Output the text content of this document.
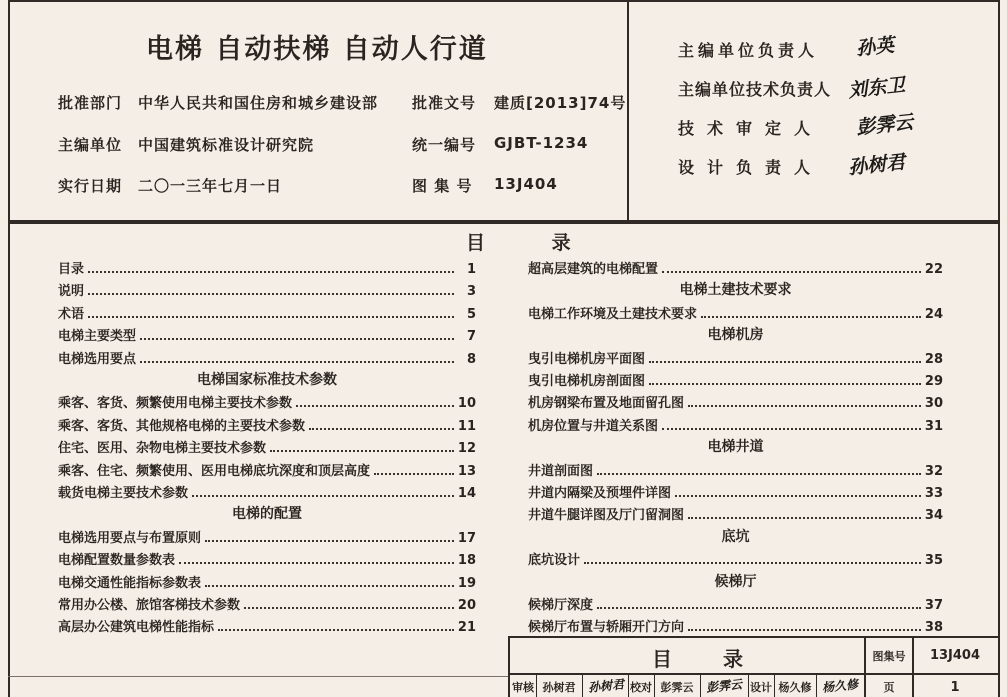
电梯 自动扶梯 自动人行道
批准部门 中华人民共和国住房和城乡建设部 批准文号 建质[2013]74号
主编单位 中国建筑标准设计研究院	统一编号 GJBT-1234
实行日期 二〇一三年七月一日	图 集 号 13J404
主编单位负责人 孙英
主编单位技术负责人 刘东卫
技术审定人 彭霁云
设计负责人 孙树君
目 录
目录	1
说明	3
术语	5
电梯主要类型	7
电梯选用要点	8
电梯国家标准技术参数
乘客、客货、频繁使用电梯主要技术参数	10
乘客、客货、其他规格电梯的主要技术参数	11
住宅、医用、杂物电梯主要技术参数	12
乘客、住宅、频繁使用、医用电梯底坑深度和顶层高度	13
载货电梯主要技术参数	14
电梯的配置
电梯选用要点与布置原则	17
电梯配置数量参数表	18
电梯交通性能指标参数表	19
常用办公楼、旅馆客梯技术参数	20
高层办公建筑电梯性能指标	21
超高层建筑的电梯配置	22
电梯土建技术要求
电梯工作环境及土建技术要求	24
电梯机房
曳引电梯机房平面图	28
曳引电梯机房剖面图	29
机房钢梁布置及地面留孔图	30
机房位置与井道关系图	31
电梯井道
井道剖面图	32
井道内隔梁及预埋件详图	33
井道牛腿详图及厅门留洞图	34
底坑
底坑设计	35
候梯厅
候梯厅深度	37
候梯厅布置与轿厢开门方向	38
目 录	图集号	13J404
审核 孙树君 孙树君 校对 彭霁云 彭霁云 设计 杨久修 杨久修	页	1
